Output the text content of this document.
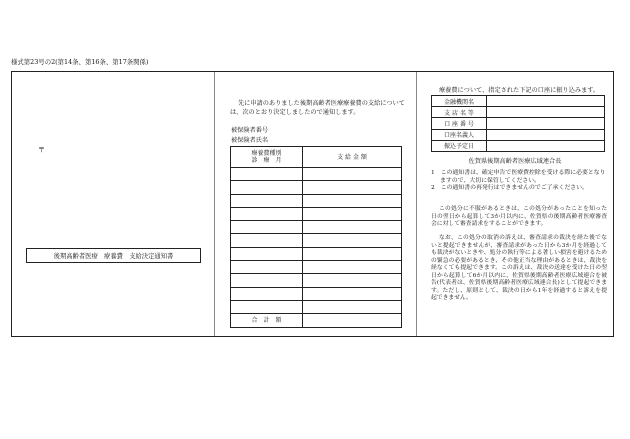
様式第23号の2(第14条、第16条、第17条関係)
〒
後期高齢者医療　療養費　支給決定通知書
先に申請のありました後期高齢者医療療養費の支給については、次のとおり決定しましたので通知します。
被保険者番号
被保険者氏名
療養費種別
診　療　月	支 給 金 額

合　計　額	
療養費について、指定された下記の口座に振り込みます。
金融機関名	
支 店 名 等	
口 座 番 号	
口座名義人	
振込予定日	
佐賀県後期高齢者医療広域連合長
1　この通知書は、確定申告で医療費控除を受ける際に必要となりますので、大切に保管してください。
2　この通知書の再発行はできませんのでご了承ください。
この処分に不服があるときは、この処分があったことを知った日の翌日から起算して3か月以内に、佐賀県の後期高齢者医療審査会に対して審査請求をすることができます。
なお、この処分の取消の訴えは、審査請求の裁決を経た後でないと提起できませんが、審査請求があった日から3か月を経過しても裁決がないときや、処分の執行等による著しい損害を避けるための緊急の必要があるとき、その他正当な理由があるときは、裁決を経なくても提起できます。この訴えは、裁決の送達を受けた日の翌日から起算して6か月以内に、佐賀県後期高齢者医療広域連合を被告(代表者は、佐賀県後期高齢者医療広域連合長)として提起できます。ただし、原則として、裁決の日から1年を経過すると訴えを提起できません。
